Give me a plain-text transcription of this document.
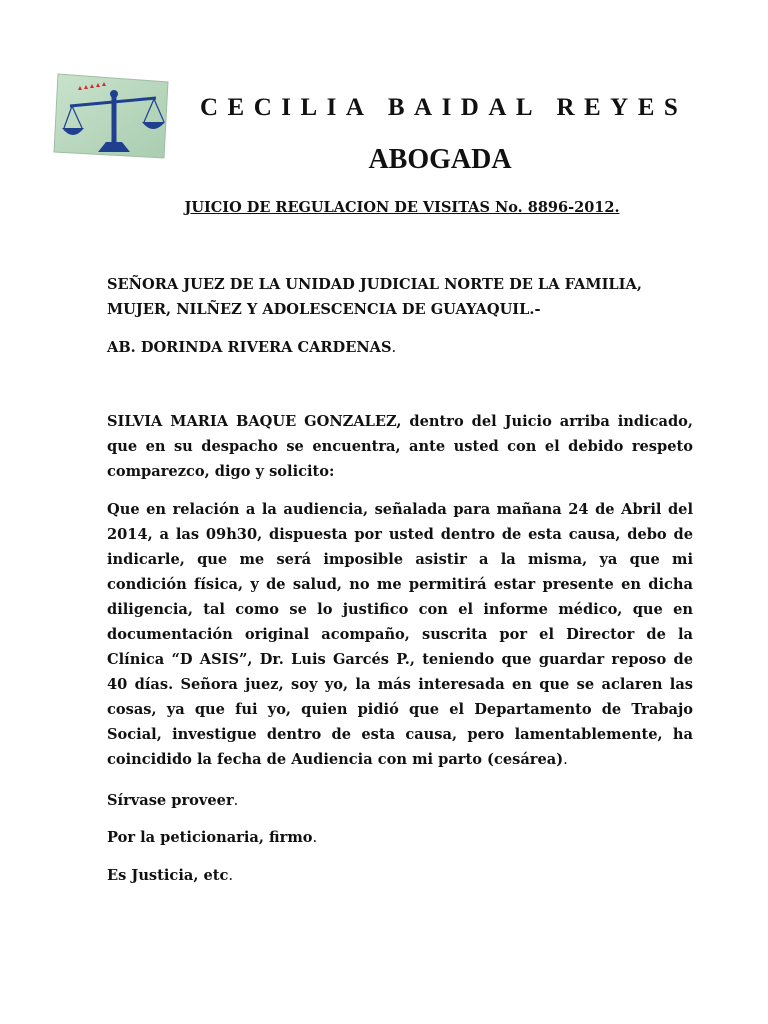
CECILIA BAIDAL REYES
ABOGADA
JUICIO DE REGULACION DE VISITAS No. 8896-2012.
SEÑORA JUEZ DE LA UNIDAD JUDICIAL NORTE DE LA FAMILIA,
MUJER, NILÑEZ Y ADOLESCENCIA DE GUAYAQUIL.-
AB. DORINDA RIVERA CARDENAS.
SILVIA MARIA BAQUE GONZALEZ, dentro del Juicio arriba indicado, que en su despacho se encuentra, ante usted con el debido respeto comparezco, digo y solicito:
Que en relación a la audiencia, señalada para mañana 24 de Abril del 2014, a las 09h30, dispuesta por usted dentro de esta causa, debo de indicarle, que me será imposible asistir a la misma, ya que mi condición física, y de salud, no me permitirá estar presente en dicha diligencia, tal como se lo justifico con el informe médico, que en documentación original acompaño, suscrita por el Director de la Clínica “D ASIS”, Dr. Luis Garcés P., teniendo que guardar reposo de 40 días. Señora juez, soy yo, la más interesada en que se aclaren las cosas, ya que fui yo, quien pidió que el Departamento de Trabajo Social, investigue dentro de esta causa, pero lamentablemente, ha coincidido la fecha de Audiencia con mi parto (cesárea).
Sírvase proveer.
Por la peticionaria, firmo.
Es Justicia, etc.
